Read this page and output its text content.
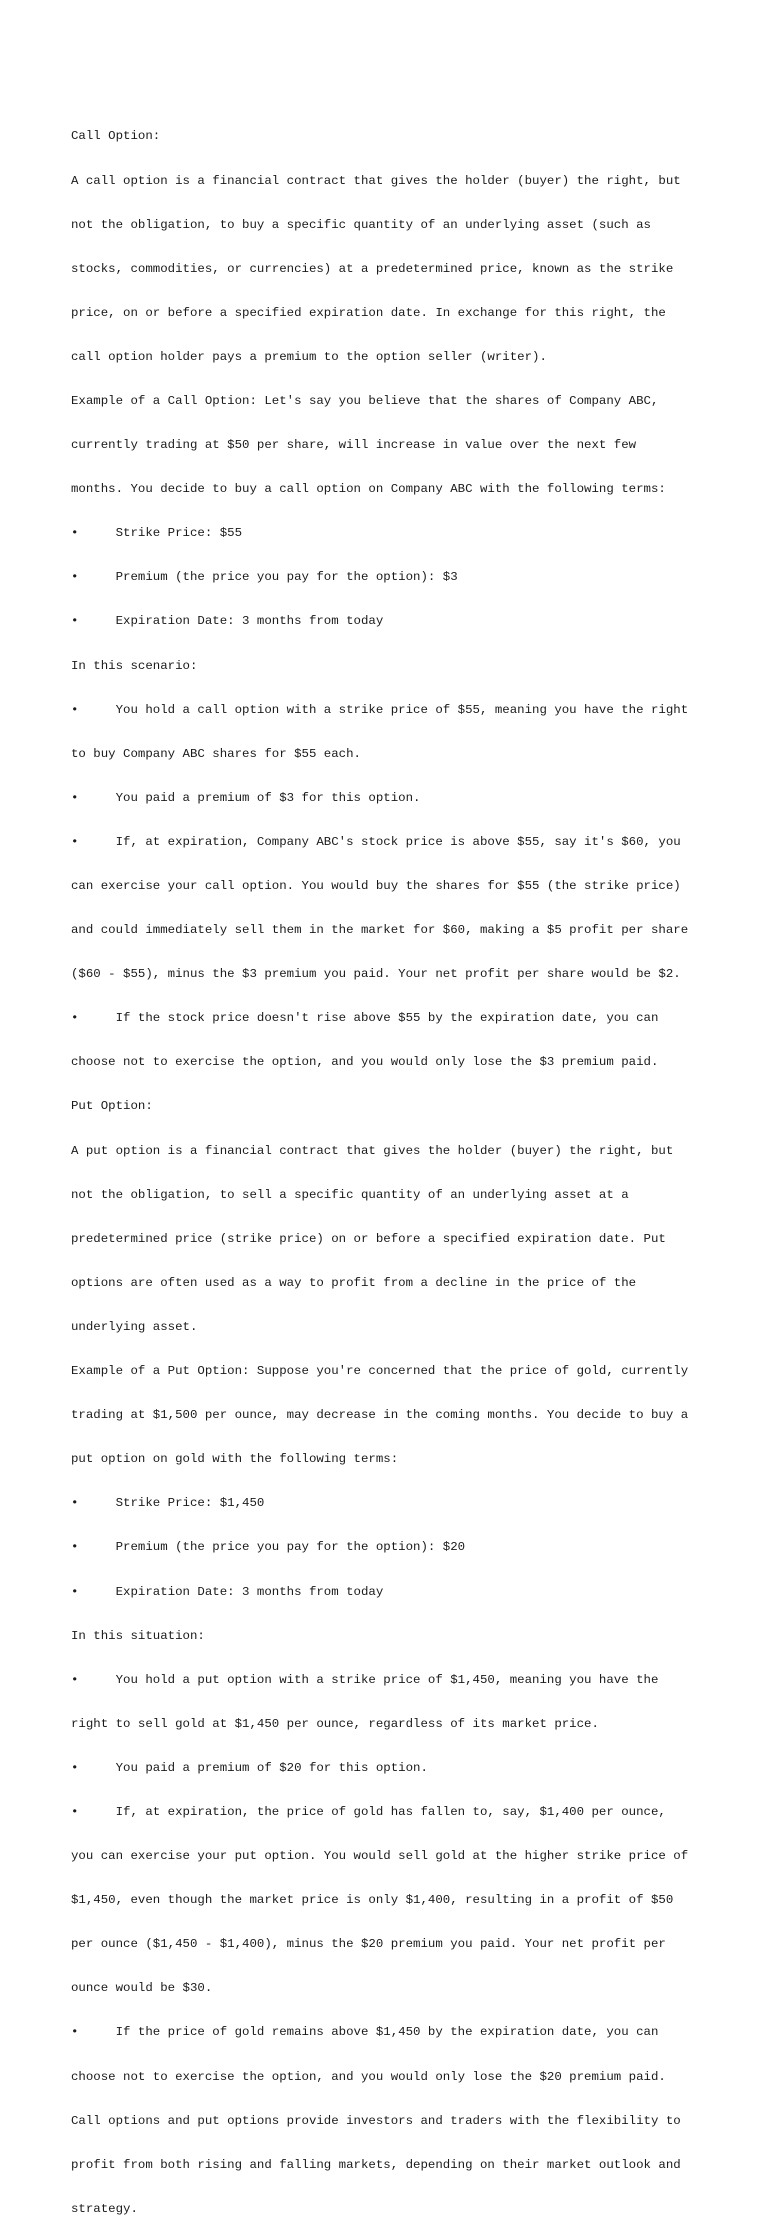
Call Option:

A call option is a financial contract that gives the holder (buyer) the right, but

not the obligation, to buy a specific quantity of an underlying asset (such as

stocks, commodities, or currencies) at a predetermined price, known as the strike

price, on or before a specified expiration date. In exchange for this right, the

call option holder pays a premium to the option seller (writer).

Example of a Call Option: Let's say you believe that the shares of Company ABC,

currently trading at $50 per share, will increase in value over the next few

months. You decide to buy a call option on Company ABC with the following terms:

•     Strike Price: $55

•     Premium (the price you pay for the option): $3

•     Expiration Date: 3 months from today

In this scenario:

•     You hold a call option with a strike price of $55, meaning you have the right

to buy Company ABC shares for $55 each.

•     You paid a premium of $3 for this option.

•     If, at expiration, Company ABC's stock price is above $55, say it's $60, you

can exercise your call option. You would buy the shares for $55 (the strike price)

and could immediately sell them in the market for $60, making a $5 profit per share

($60 - $55), minus the $3 premium you paid. Your net profit per share would be $2.

•     If the stock price doesn't rise above $55 by the expiration date, you can

choose not to exercise the option, and you would only lose the $3 premium paid.

Put Option:

A put option is a financial contract that gives the holder (buyer) the right, but

not the obligation, to sell a specific quantity of an underlying asset at a

predetermined price (strike price) on or before a specified expiration date. Put

options are often used as a way to profit from a decline in the price of the

underlying asset.

Example of a Put Option: Suppose you're concerned that the price of gold, currently

trading at $1,500 per ounce, may decrease in the coming months. You decide to buy a

put option on gold with the following terms:

•     Strike Price: $1,450

•     Premium (the price you pay for the option): $20

•     Expiration Date: 3 months from today

In this situation:

•     You hold a put option with a strike price of $1,450, meaning you have the

right to sell gold at $1,450 per ounce, regardless of its market price.

•     You paid a premium of $20 for this option.

•     If, at expiration, the price of gold has fallen to, say, $1,400 per ounce,

you can exercise your put option. You would sell gold at the higher strike price of

$1,450, even though the market price is only $1,400, resulting in a profit of $50

per ounce ($1,450 - $1,400), minus the $20 premium you paid. Your net profit per

ounce would be $30.

•     If the price of gold remains above $1,450 by the expiration date, you can

choose not to exercise the option, and you would only lose the $20 premium paid.

Call options and put options provide investors and traders with the flexibility to

profit from both rising and falling markets, depending on their market outlook and

strategy.
